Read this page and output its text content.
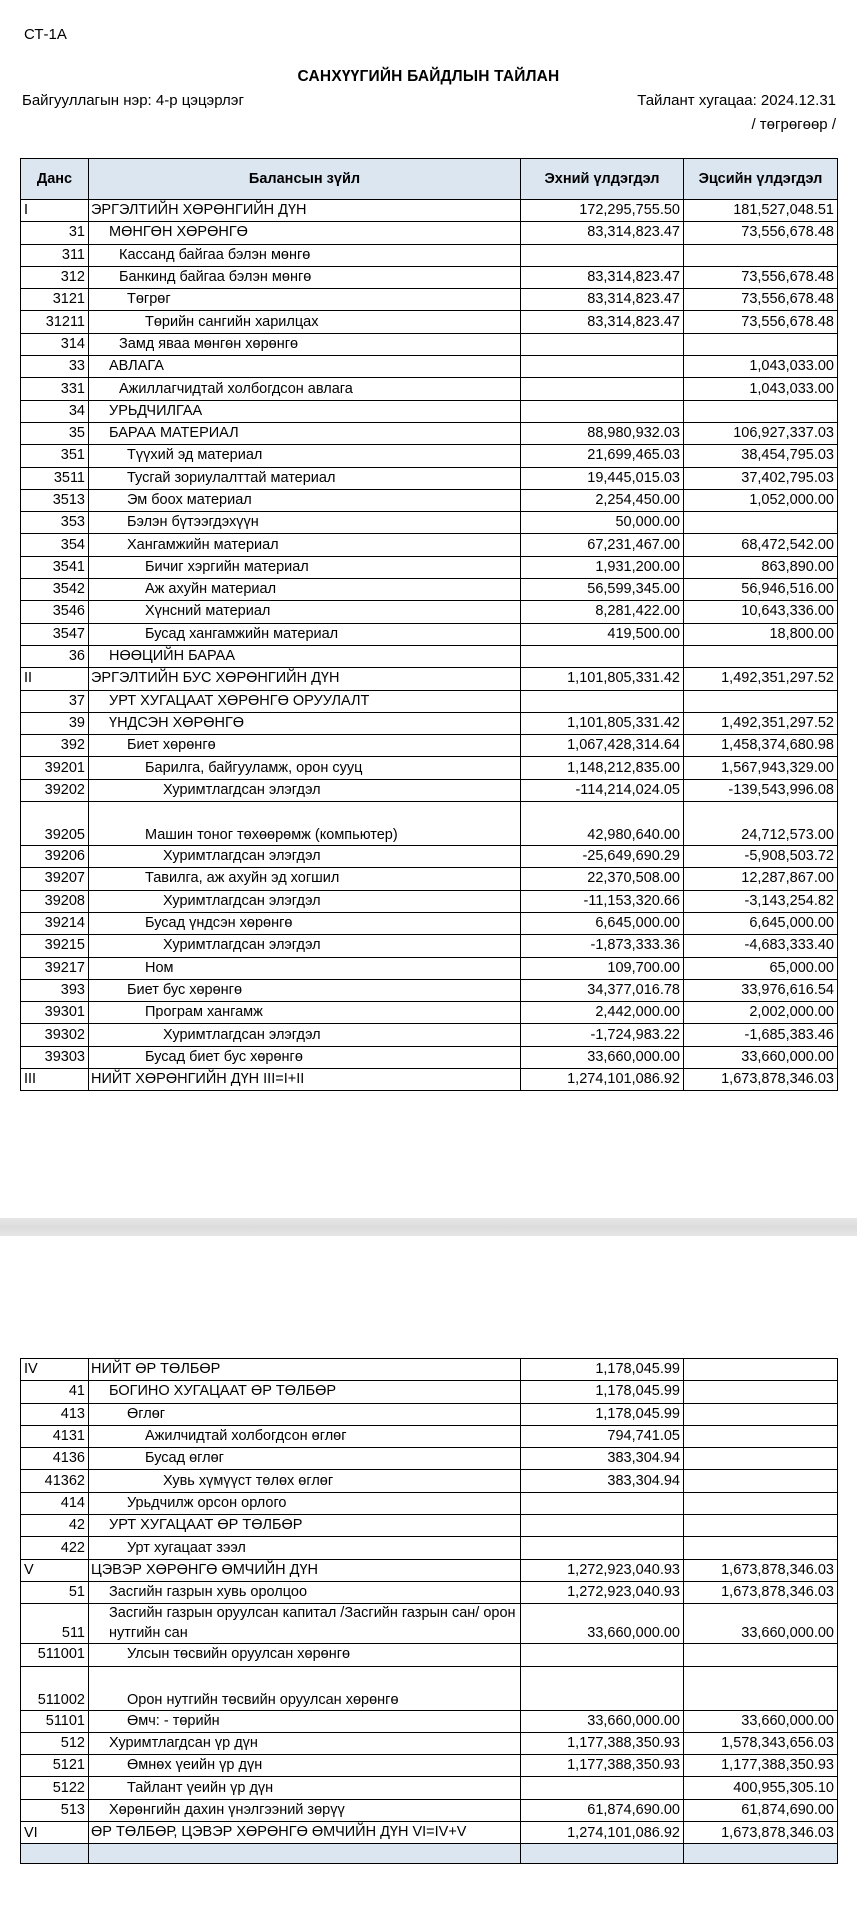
СТ-1А
САНХҮҮГИЙН БАЙДЛЫН ТАЙЛАН
Байгууллагын нэр: 4-р цэцэрлэг	Тайлант хугацаа: 2024.12.31
/ төгрөгөөр /
Данс	Балансын зүйл	Эхний үлдэгдэл	Эцсийн үлдэгдэл
I	ЭРГЭЛТИЙН ХӨРӨНГИЙН ДҮН	172,295,755.50	181,527,048.51
31	МӨНГӨН ХӨРӨНГӨ	83,314,823.47	73,556,678.48
311	Кассанд байгаа бэлэн мөнгө		
312	Банкинд байгаа бэлэн мөнгө	83,314,823.47	73,556,678.48
3121	Төгрөг	83,314,823.47	73,556,678.48
31211	Төрийн сангийн харилцах	83,314,823.47	73,556,678.48
314	Замд яваа мөнгөн хөрөнгө		
33	АВЛАГА		1,043,033.00
331	Ажиллагчидтай холбогдсон авлага		1,043,033.00
34	УРЬДЧИЛГАА		
35	БАРАА МАТЕРИАЛ	88,980,932.03	106,927,337.03
351	Түүхий эд материал	21,699,465.03	38,454,795.03
3511	Тусгай зориулалттай материал	19,445,015.03	37,402,795.03
3513	Эм боох материал	2,254,450.00	1,052,000.00
353	Бэлэн бүтээгдэхүүн	50,000.00	
354	Хангамжийн материал	67,231,467.00	68,472,542.00
3541	Бичиг хэргийн материал	1,931,200.00	863,890.00
3542	Аж ахуйн материал	56,599,345.00	56,946,516.00
3546	Хүнсний материал	8,281,422.00	10,643,336.00
3547	Бусад хангамжийн материал	419,500.00	18,800.00
36	НӨӨЦИЙН БАРАА		
II	ЭРГЭЛТИЙН БУС ХӨРӨНГИЙН ДҮН	1,101,805,331.42	1,492,351,297.52
37	УРТ ХУГАЦААТ ХӨРӨНГӨ ОРУУЛАЛТ		
39	ҮНДСЭН ХӨРӨНГӨ	1,101,805,331.42	1,492,351,297.52
392	Биет хөрөнгө	1,067,428,314.64	1,458,374,680.98
39201	Барилга, байгууламж, орон сууц	1,148,212,835.00	1,567,943,329.00
39202	Хуримтлагдсан элэгдэл	-114,214,024.05	-139,543,996.08
39205	Машин тоног төхөөрөмж (компьютер)	42,980,640.00	24,712,573.00
39206	Хуримтлагдсан элэгдэл	-25,649,690.29	-5,908,503.72
39207	Тавилга, аж ахуйн эд хогшил	22,370,508.00	12,287,867.00
39208	Хуримтлагдсан элэгдэл	-11,153,320.66	-3,143,254.82
39214	Бусад үндсэн хөрөнгө	6,645,000.00	6,645,000.00
39215	Хуримтлагдсан элэгдэл	-1,873,333.36	-4,683,333.40
39217	Ном	109,700.00	65,000.00
393	Биет бус хөрөнгө	34,377,016.78	33,976,616.54
39301	Програм хангамж	2,442,000.00	2,002,000.00
39302	Хуримтлагдсан элэгдэл	-1,724,983.22	-1,685,383.46
39303	Бусад биет бус хөрөнгө	33,660,000.00	33,660,000.00
III	НИЙТ ХӨРӨНГИЙН ДҮН III=I+II	1,274,101,086.92	1,673,878,346.03
IV	НИЙТ ӨР ТӨЛБӨР	1,178,045.99	
41	БОГИНО ХУГАЦААТ ӨР ТӨЛБӨР	1,178,045.99	
413	Өглөг	1,178,045.99	
4131	Ажилчидтай холбогдсон өглөг	794,741.05	
4136	Бусад өглөг	383,304.94	
41362	Хувь хүмүүст төлөх өглөг	383,304.94	
414	Урьдчилж орсон орлого		
42	УРТ ХУГАЦААТ ӨР ТӨЛБӨР		
422	Урт хугацаат зээл		
V	ЦЭВЭР ХӨРӨНГӨ ӨМЧИЙН ДҮН	1,272,923,040.93	1,673,878,346.03
51	Засгийн газрын хувь оролцоо	1,272,923,040.93	1,673,878,346.03
511	Засгийн газрын оруулсан капитал /Засгийн газрын сан/ орон нутгийн сан	33,660,000.00	33,660,000.00
511001	Улсын төсвийн оруулсан хөрөнгө		
511002	Орон нутгийн төсвийн оруулсан хөрөнгө		
51101	Өмч: - төрийн	33,660,000.00	33,660,000.00
512	Хуримтлагдсан үр дүн	1,177,388,350.93	1,578,343,656.03
5121	Өмнөх үеийн үр дүн	1,177,388,350.93	1,177,388,350.93
5122	Тайлант үеийн үр дүн		400,955,305.10
513	Хөрөнгийн дахин үнэлгээний зөрүү	61,874,690.00	61,874,690.00
VI	ӨР ТӨЛБӨР, ЦЭВЭР ХӨРӨНГӨ ӨМЧИЙН ДҮН VI=IV+V	1,274,101,086.92	1,673,878,346.03
